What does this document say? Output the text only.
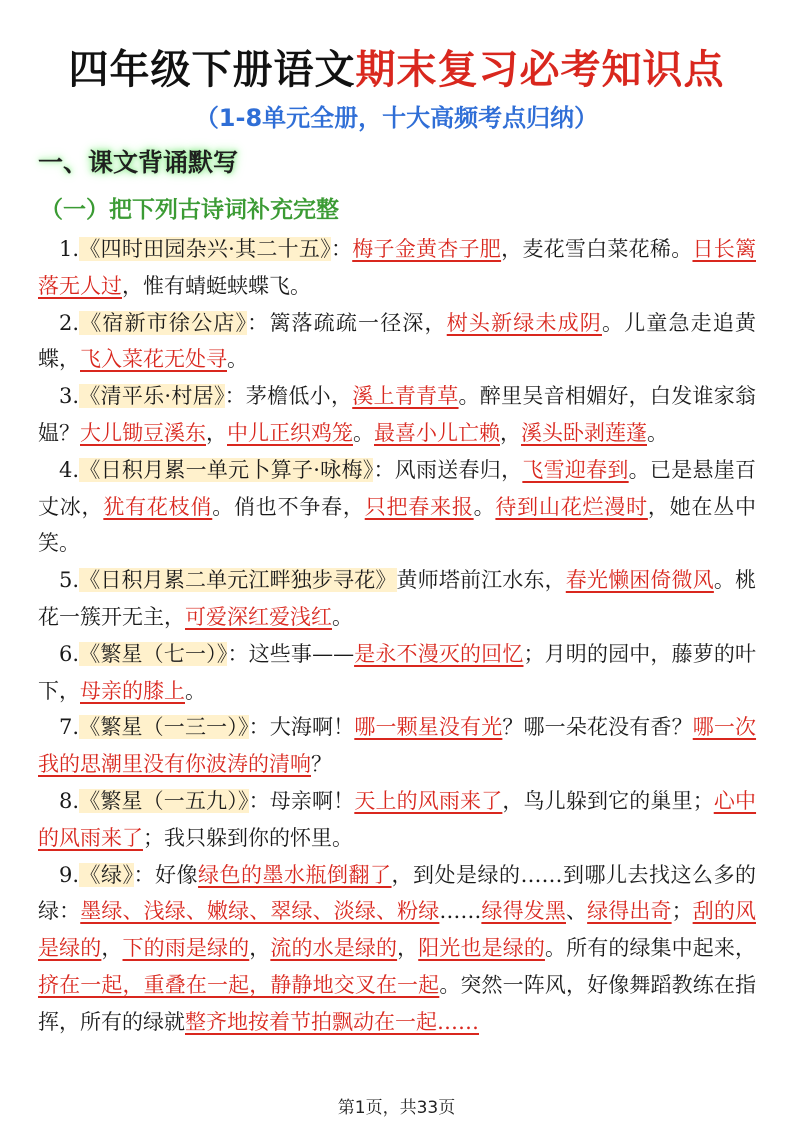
四年级下册语文期末复习必考知识点
（1-8单元全册，十大高频考点归纳）
一、课文背诵默写
（一）把下列古诗词补充完整

1.《四时田园杂兴·其二十五》：梅子金黄杏子肥，麦花雪白菜花稀。日长篱落无人过，惟有蜻蜓蛱蝶飞。

2.《宿新市徐公店》：篱落疏疏一径深，树头新绿未成阴。儿童急走追黄蝶，飞入菜花无处寻。

3.《清平乐·村居》：茅檐低小，溪上青青草。醉里吴音相媚好，白发谁家翁媪？大儿锄豆溪东，中儿正织鸡笼。最喜小儿亡赖，溪头卧剥莲蓬。

4.《日积月累一单元卜算子·咏梅》：风雨送春归，飞雪迎春到。已是悬崖百丈冰，犹有花枝俏。俏也不争春，只把春来报。待到山花烂漫时，她在丛中笑。

5.《日积月累二单元江畔独步寻花》黄师塔前江水东，春光懒困倚微风。桃花一簇开无主，可爱深红爱浅红。

6.《繁星（七一）》：这些事——是永不漫灭的回忆；月明的园中，藤萝的叶下，母亲的膝上。

7.《繁星（一三一）》：大海啊！哪一颗星没有光？哪一朵花没有香？哪一次我的思潮里没有你波涛的清响？

8.《繁星（一五九）》：母亲啊！天上的风雨来了，鸟儿躲到它的巢里；心中的风雨来了；我只躲到你的怀里。

9.《绿》：好像绿色的墨水瓶倒翻了，到处是绿的……到哪儿去找这么多的绿：墨绿、浅绿、嫩绿、翠绿、淡绿、粉绿……绿得发黑、绿得出奇；刮的风是绿的，下的雨是绿的，流的水是绿的，阳光也是绿的。所有的绿集中起来，挤在一起，重叠在一起，静静地交叉在一起。突然一阵风，好像舞蹈教练在指挥，所有的绿就整齐地按着节拍飘动在一起……

第1页，共33页
